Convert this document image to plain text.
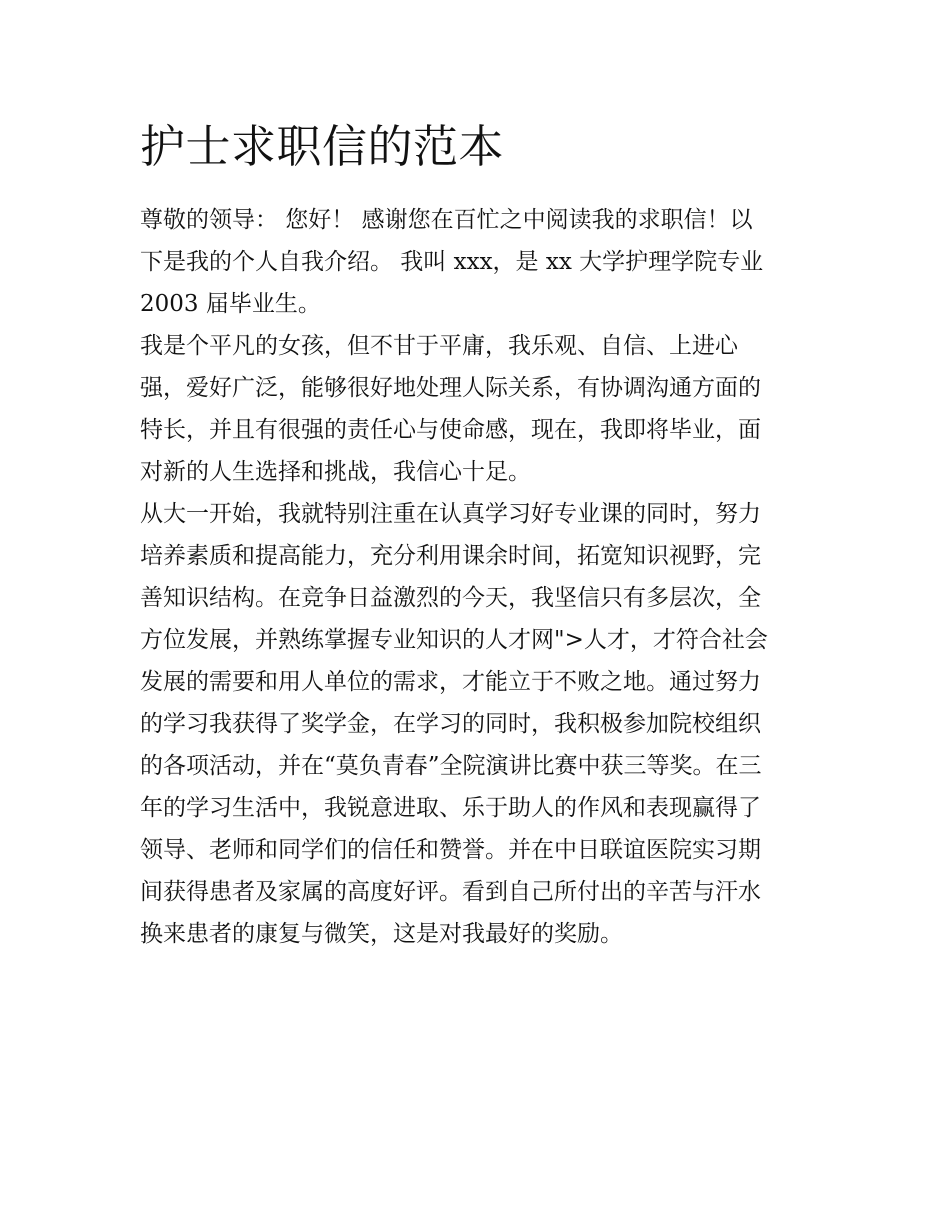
护士求职信的范本
尊敬的领导： 您好！ 感谢您在百忙之中阅读我的求职信！以
下是我的个人自我介绍。 我叫 xxx，是 xx 大学护理学院专业
2003 届毕业生。
我是个平凡的女孩，但不甘于平庸，我乐观、自信、上进心
强，爱好广泛，能够很好地处理人际关系，有协调沟通方面的
特长，并且有很强的责任心与使命感，现在，我即将毕业，面
对新的人生选择和挑战，我信心十足。
从大一开始，我就特别注重在认真学习好专业课的同时，努力
培养素质和提高能力，充分利用课余时间，拓宽知识视野，完
善知识结构。在竞争日益激烈的今天，我坚信只有多层次，全
方位发展，并熟练掌握专业知识的人才网">人才，才符合社会
发展的需要和用人单位的需求，才能立于不败之地。通过努力
的学习我获得了奖学金，在学习的同时，我积极参加院校组织
的各项活动，并在“莫负青春”全院演讲比赛中获三等奖。在三
年的学习生活中，我锐意进取、乐于助人的作风和表现赢得了
领导、老师和同学们的信任和赞誉。并在中日联谊医院实习期
间获得患者及家属的高度好评。看到自己所付出的辛苦与汗水
换来患者的康复与微笑，这是对我最好的奖励。
